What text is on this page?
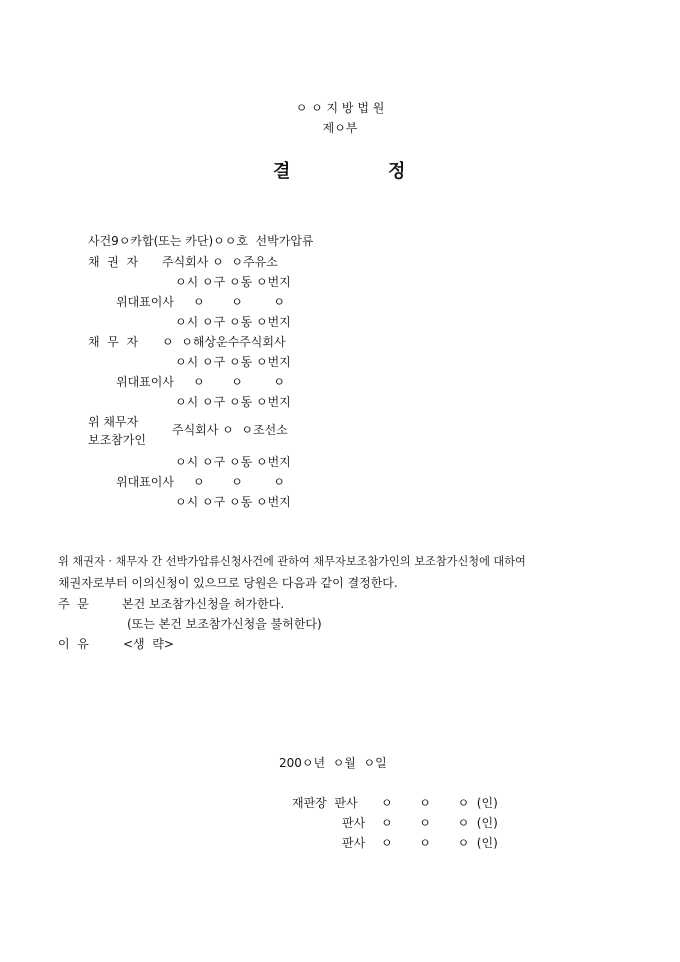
ㅇ ㅇ 지 방 법 원
제ㅇ부
결	정
사건9ㅇ카합(또는 카단)ㅇㅇ호  선박가압류
채  권  자 주식회사 ㅇ  ㅇ주유소
ㅇ시 ㅇ구 ㅇ동 ㅇ번지
위대표이사 ㅇ       ㅇ        ㅇ
ㅇ시 ㅇ구 ㅇ동 ㅇ번지
채  무  자 ㅇ  ㅇ해상운수주식회사
ㅇ시 ㅇ구 ㅇ동 ㅇ번지
위대표이사 ㅇ       ㅇ        ㅇ
ㅇ시 ㅇ구 ㅇ동 ㅇ번지
위 채무자
보조참가인
주식회사 ㅇ  ㅇ조선소
ㅇ시 ㅇ구 ㅇ동 ㅇ번지
위대표이사 ㅇ       ㅇ        ㅇ
ㅇ시 ㅇ구 ㅇ동 ㅇ번지
위 채권자 · 채무자 간 선박가압류신청사건에 관하여 채무자보조참가인의 보조참가신청에 대하여
채권자로부터 이의신청이 있으므로 당원은 다음과 같이 결정한다.
주  문	본건 보조참가신청을 허가한다.
(또는 본건 보조참가신청을 불허한다)
이  유	<생  략>
200ㅇ년  ㅇ월  ㅇ일
재판장  판사 ㅇ       ㅇ       ㅇ  (인)
판사 ㅇ       ㅇ       ㅇ  (인)
판사 ㅇ       ㅇ       ㅇ  (인)
